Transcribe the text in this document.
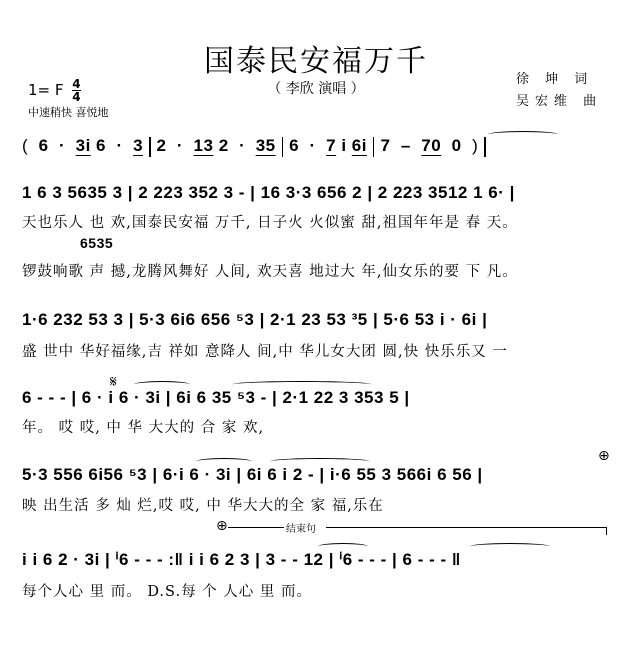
国泰民安福万千
（ 李欣 演唱 ）
1= F $\frac{4}{4}$
中速稍快 喜悦地
徐 坤 词
吴宏维 曲
(  6  ·  3i 6  ·  3 2  ·  13 2  ·  35 6  ·  7 i 6i 7  –  70  0  )
1 6 3 5635 3 | 2 223 352 3 - | 16 3·3 656 2 | 2 223 3512 1 6· |
天也乐人 也 欢,国泰民安福 万千, 日子火 火似蜜 甜,祖国年年是 春 天。
6535
锣鼓响歌 声 撼,龙腾风舞好 人间, 欢天喜 地过大 年,仙女乐的要 下 凡。
1·6 232 53 3 | 5·3 6i6 656 ⁵3 | 2·1 23 53 ³5 | 5·6 53 i · 6i |
盛 世中 华好福缘,吉 祥如 意降人 间,中 华儿女大团 圆,快 快乐乐又 一
𝄋
6 - - - | 6 · i 6 · 3i | 6i 6 35 ⁵3 - | 2·1 22 3 353 5 |
年。 哎 哎, 中 华 大大的 合 家 欢,
5·3 556 6i56 ⁵3 | 6·i 6 · 3i | 6i 6 i 2 - | i·6 55 3 566i 6 56 |
⊕
映 出生活 多 灿 烂,哎 哎, 中 华大大的全 家 福,乐在
⊕	结束句
i i 6 2 · 3i | ⁱ6 - - - :‖ i i 6 2 3 | 3 - - 12 | ⁱ6 - - - | 6 - - - ‖
每个人心 里 而。 D.S.每 个 人心 里 而。
